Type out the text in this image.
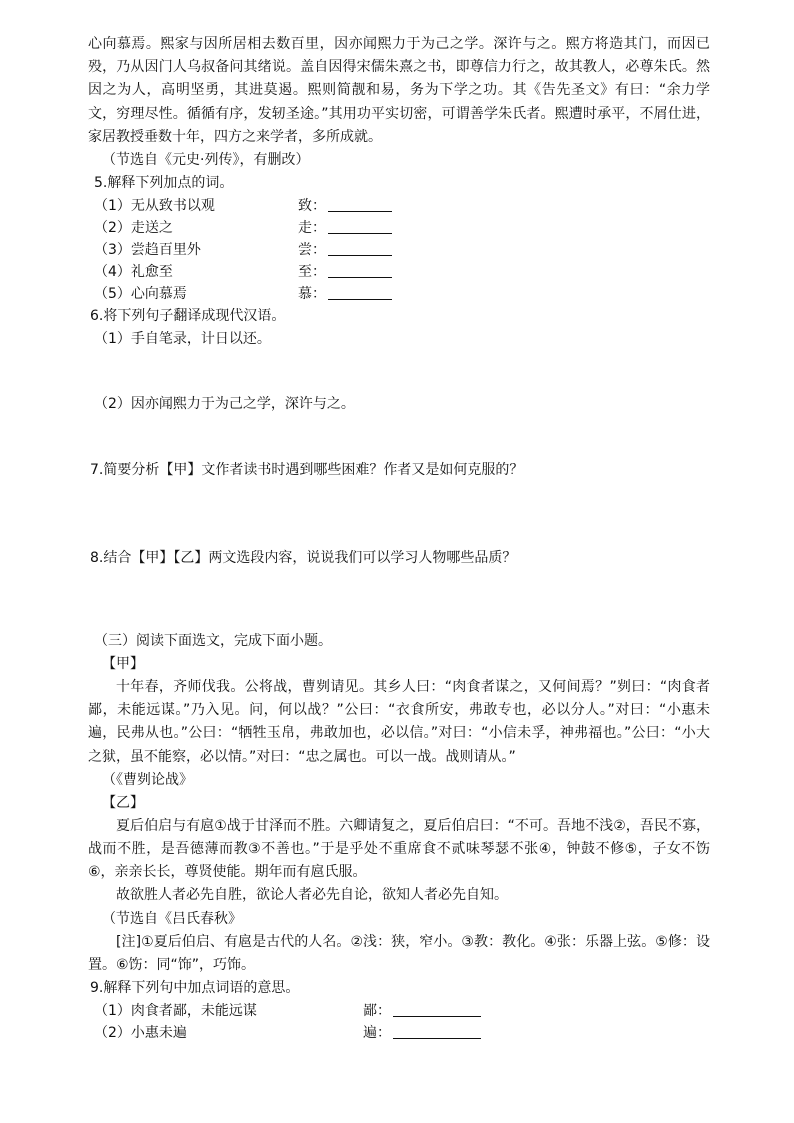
心向慕焉。熙家与因所居相去数百里，因亦闻熙力于为己之学。深许与之。熙方将造其门，而因已殁，乃从因门人乌叔备问其绪说。盖自因得宋儒朱熹之书，即尊信力行之，故其教人，必尊朱氏。然因之为人，高明坚勇，其进莫遏。熙则简靓和易，务为下学之功。其《告先圣文》有曰：“余力学文，穷理尽性。循循有序，发轫圣途。”其用功平实切密，可谓善学朱氏者。熙遭时承平，不屑仕进，家居教授垂数十年，四方之来学者，多所成就。

（节选自《元史·列传》，有删改）

5.解释下列加点的词。

（1）无从致书以观	致：
（2）走送之	走：
（3）尝趋百里外	尝：
（4）礼愈至	至：
（5）心向慕焉	慕：

6.将下列句子翻译成现代汉语。

（1）手自笔录，计日以还。

（2）因亦闻熙力于为己之学，深许与之。

7.简要分析【甲】文作者读书时遇到哪些困难？作者又是如何克服的？

8.结合【甲】【乙】两文选段内容，说说我们可以学习人物哪些品质？

（三）阅读下面选文，完成下面小题。

【甲】

十年春，齐师伐我。公将战，曹刿请见。其乡人曰：“肉食者谋之，又何间焉？”刿曰：“肉食者鄙，未能远谋。”乃入见。问，何以战？”公曰：“衣食所安，弗敢专也，必以分人。”对曰：“小惠未遍，民弗从也。”公曰：“牺牲玉帛，弗敢加也，必以信。”对曰：“小信未孚，神弗福也。”公曰：“小大之狱，虽不能察，必以情。”对曰：“忠之属也。可以一战。战则请从。”

（《曹刿论战》

【乙】

夏后伯启与有扈①战于甘泽而不胜。六卿请复之，夏后伯启曰：“不可。吾地不浅②，吾民不寡，战而不胜，是吾德薄而教③不善也。”于是乎处不重席食不贰味琴瑟不张④，钟鼓不修⑤，子女不饬⑥，亲亲长长，尊贤使能。期年而有扈氏服。

故欲胜人者必先自胜，欲论人者必先自论，欲知人者必先自知。

（节选自《吕氏春秋》

[注]①夏后伯启、有扈是古代的人名。②浅：狭，窄小。③教：教化。④张：乐器上弦。⑤修：设置。⑥饬：同“饰”，巧饰。

9.解释下列句中加点词语的意思。

（1）肉食者鄙，未能远谋	鄙：
（2）小惠未遍	遍：
